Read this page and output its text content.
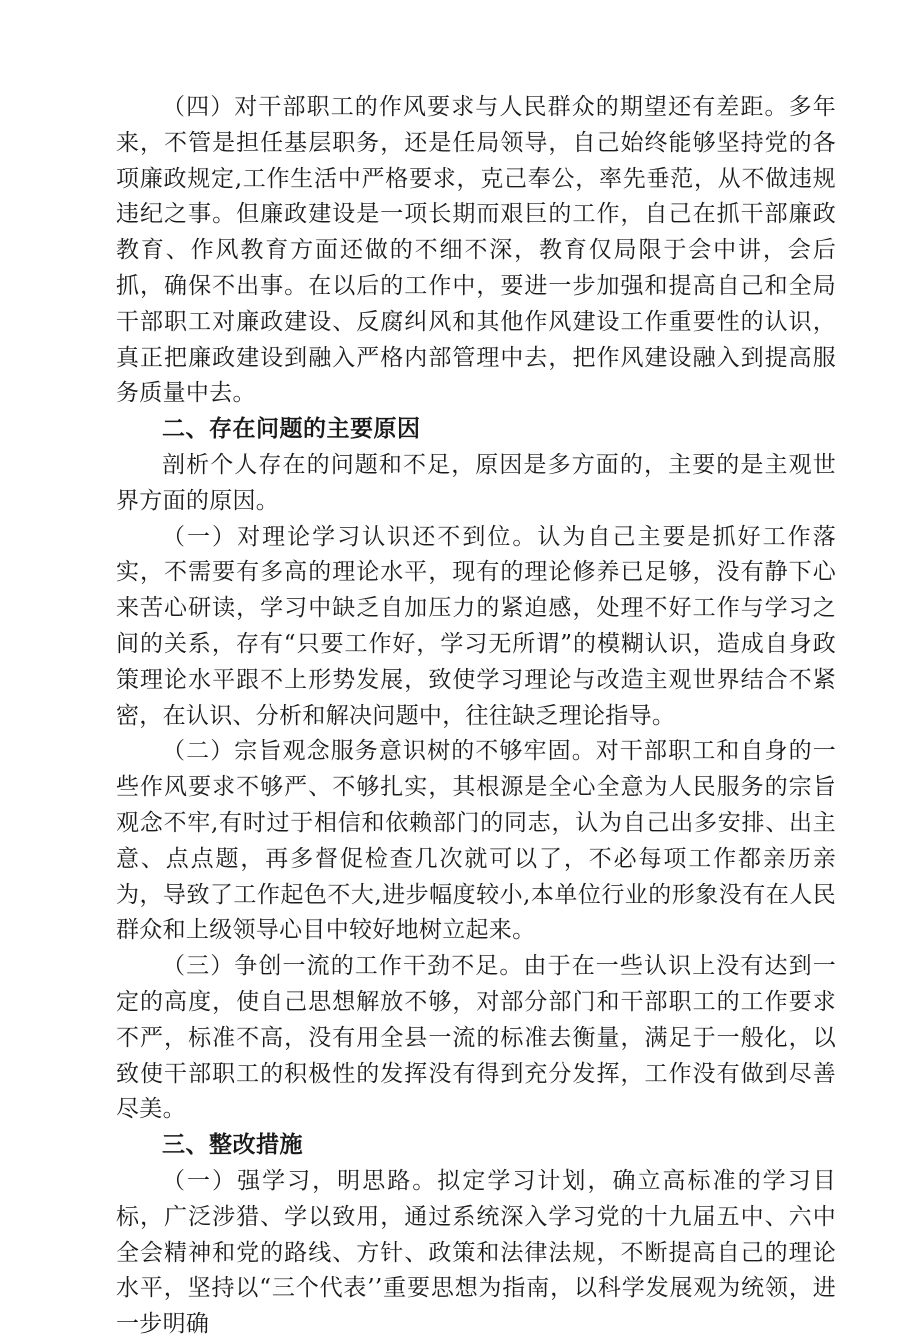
（四）对干部职工的作风要求与人民群众的期望还有差距。多年来，不管是担任基层职务，还是任局领导，自己始终能够坚持党的各项廉政规定,工作生活中严格要求，克己奉公，率先垂范，从不做违规违纪之事。但廉政建设是一项长期而艰巨的工作，自己在抓干部廉政教育、作风教育方面还做的不细不深，教育仅局限于会中讲，会后抓，确保不出事。在以后的工作中，要进一步加强和提高自己和全局干部职工对廉政建设、反腐纠风和其他作风建设工作重要性的认识，真正把廉政建设到融入严格内部管理中去，把作风建设融入到提高服务质量中去。

二、存在问题的主要原因

剖析个人存在的问题和不足，原因是多方面的，主要的是主观世界方面的原因。

（一）对理论学习认识还不到位。认为自己主要是抓好工作落实，不需要有多高的理论水平，现有的理论修养已足够，没有静下心来苦心研读，学习中缺乏自加压力的紧迫感，处理不好工作与学习之间的关系，存有“只要工作好，学习无所谓”的模糊认识，造成自身政策理论水平跟不上形势发展，致使学习理论与改造主观世界结合不紧密，在认识、分析和解决问题中，往往缺乏理论指导。

（二）宗旨观念服务意识树的不够牢固。对干部职工和自身的一些作风要求不够严、不够扎实，其根源是全心全意为人民服务的宗旨观念不牢,有时过于相信和依赖部门的同志，认为自己出多安排、出主意、点点题，再多督促检查几次就可以了，不必每项工作都亲历亲为，导致了工作起色不大,进步幅度较小,本单位行业的形象没有在人民群众和上级领导心目中较好地树立起来。

（三）争创一流的工作干劲不足。由于在一些认识上没有达到一定的高度，使自己思想解放不够，对部分部门和干部职工的工作要求不严，标准不高，没有用全县一流的标准去衡量，满足于一般化，以致使干部职工的积极性的发挥没有得到充分发挥，工作没有做到尽善尽美。

三、整改措施

（一）强学习，明思路。拟定学习计划，确立高标准的学习目标，广泛涉猎、学以致用，通过系统深入学习党的十九届五中、六中全会精神和党的路线、方针、政策和法律法规，不断提高自己的理论水平，坚持以“三个代表’’重要思想为指南，以科学发展观为统领，进一步明确
